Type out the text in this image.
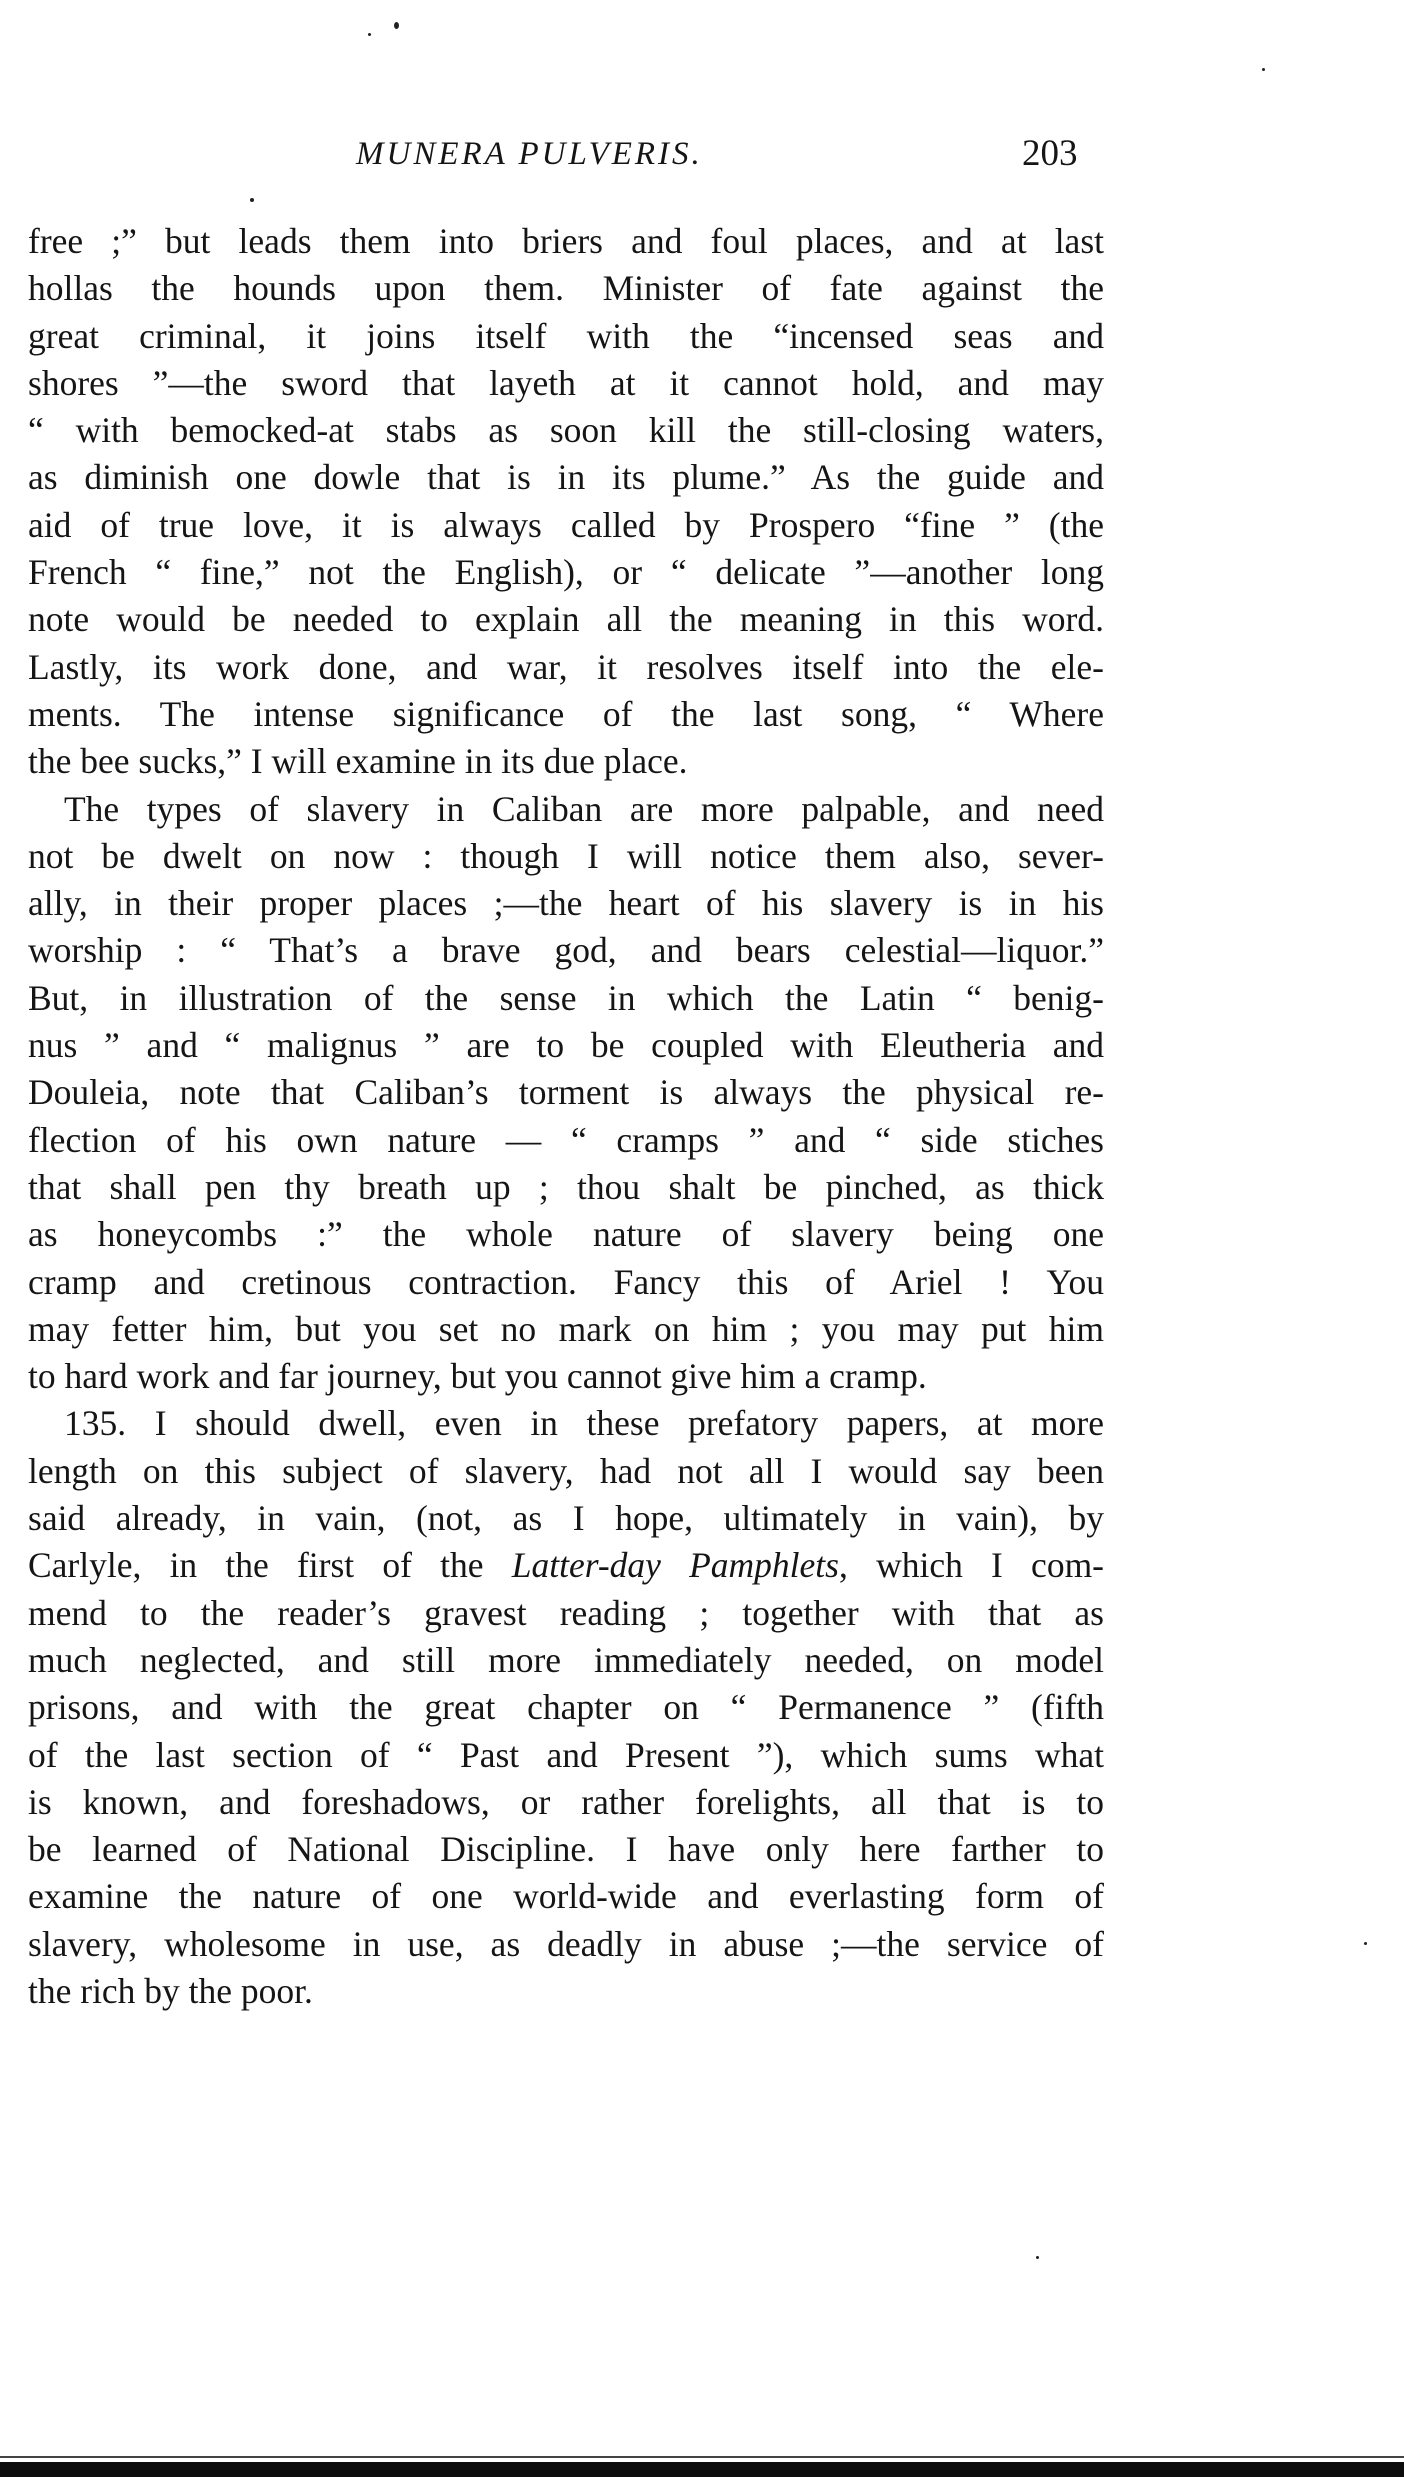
MUNERA PULVERIS.	203
free ;” but leads them into briers and foul places, and at last
hollas the hounds upon them. Minister of fate against the
great criminal, it joins itself with the “incensed seas and
shores ”—the sword that layeth at it cannot hold, and may
“ with bemocked-at stabs as soon kill the still-closing waters,
as diminish one dowle that is in its plume.” As the guide and
aid of true love, it is always called by Prospero “fine ” (the
French “ fine,” not the English), or “ delicate ”—another long
note would be needed to explain all the meaning in this word.
Lastly, its work done, and war, it resolves itself into the ele-
ments. The intense significance of the last song, “ Where
the bee sucks,” I will examine in its due place.
The types of slavery in Caliban are more palpable, and need
not be dwelt on now : though I will notice them also, sever-
ally, in their proper places ;—the heart of his slavery is in his
worship : “ That’s a brave god, and bears celestial—liquor.”
But, in illustration of the sense in which the Latin “ benig-
nus ” and “ malignus ” are to be coupled with Eleutheria and
Douleia, note that Caliban’s torment is always the physical re-
flection of his own nature — “ cramps ” and “ side stiches
that shall pen thy breath up ; thou shalt be pinched, as thick
as honeycombs :” the whole nature of slavery being one
cramp and cretinous contraction. Fancy this of Ariel ! You
may fetter him, but you set no mark on him ; you may put him
to hard work and far journey, but you cannot give him a cramp.
135. I should dwell, even in these prefatory papers, at more
length on this subject of slavery, had not all I would say been
said already, in vain, (not, as I hope, ultimately in vain), by
Carlyle, in the first of the Latter-day Pamphlets, which I com-
mend to the reader’s gravest reading ; together with that as
much neglected, and still more immediately needed, on model
prisons, and with the great chapter on “ Permanence ” (fifth
of the last section of “ Past and Present ”), which sums what
is known, and foreshadows, or rather forelights, all that is to
be learned of National Discipline. I have only here farther to
examine the nature of one world-wide and everlasting form of
slavery, wholesome in use, as deadly in abuse ;—the service of
the rich by the poor.
